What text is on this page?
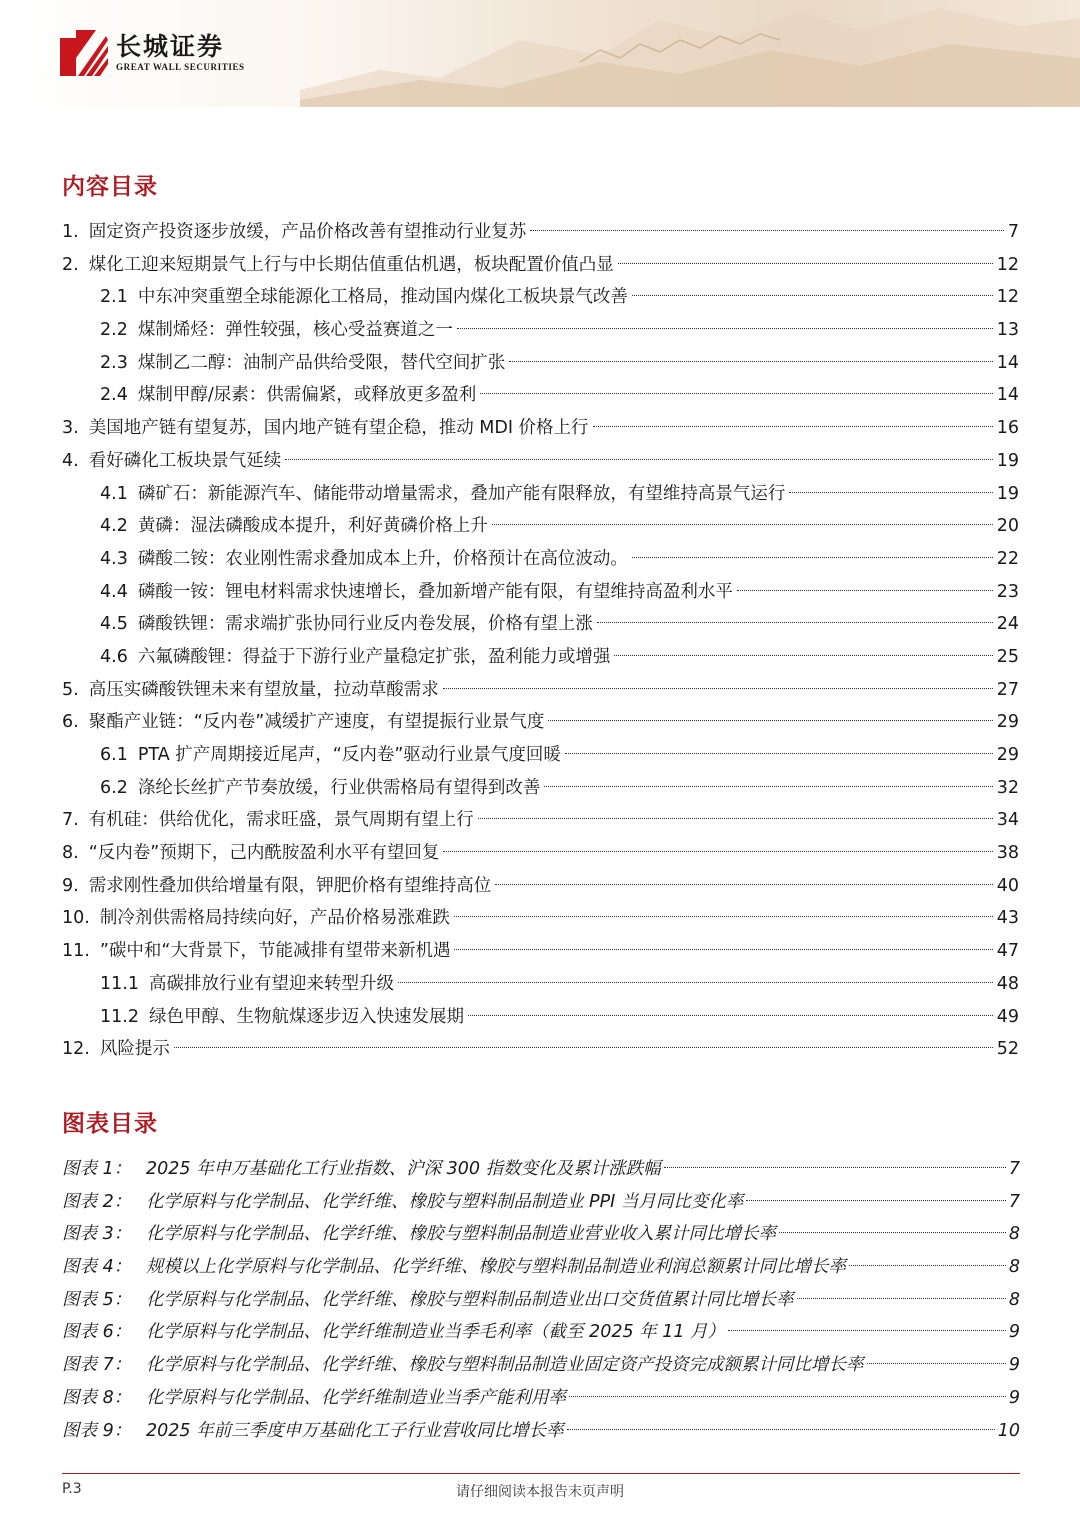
长城证券
GREAT WALL SECURITIES
内容目录
1. 固定资产投资逐步放缓，产品价格改善有望推动行业复苏	7
2. 煤化工迎来短期景气上行与中长期估值重估机遇，板块配置价值凸显	12
2.1 中东冲突重塑全球能源化工格局，推动国内煤化工板块景气改善	12
2.2 煤制烯烃：弹性较强，核心受益赛道之一	13
2.3 煤制乙二醇：油制产品供给受限，替代空间扩张	14
2.4 煤制甲醇/尿素：供需偏紧，或释放更多盈利	14
3. 美国地产链有望复苏，国内地产链有望企稳，推动 MDI 价格上行	16
4. 看好磷化工板块景气延续	19
4.1 磷矿石：新能源汽车、储能带动增量需求，叠加产能有限释放，有望维持高景气运行	19
4.2 黄磷：湿法磷酸成本提升，利好黄磷价格上升	20
4.3 磷酸二铵：农业刚性需求叠加成本上升，价格预计在高位波动。	22
4.4 磷酸一铵：锂电材料需求快速增长，叠加新增产能有限，有望维持高盈利水平	23
4.5 磷酸铁锂：需求端扩张协同行业反内卷发展，价格有望上涨	24
4.6 六氟磷酸锂：得益于下游行业产量稳定扩张，盈利能力或增强	25
5. 高压实磷酸铁锂未来有望放量，拉动草酸需求	27
6. 聚酯产业链：“反内卷”减缓扩产速度，有望提振行业景气度	29
6.1 PTA 扩产周期接近尾声，“反内卷”驱动行业景气度回暖	29
6.2 涤纶长丝扩产节奏放缓，行业供需格局有望得到改善	32
7. 有机硅：供给优化，需求旺盛，景气周期有望上行	34
8. “反内卷”预期下，己内酰胺盈利水平有望回复	38
9. 需求刚性叠加供给增量有限，钾肥价格有望维持高位	40
10. 制冷剂供需格局持续向好，产品价格易涨难跌	43
11. ”碳中和“大背景下，节能减排有望带来新机遇	47
11.1 高碳排放行业有望迎来转型升级	48
11.2 绿色甲醇、生物航煤逐步迈入快速发展期	49
12. 风险提示	52
图表目录
图表 1： 2025 年申万基础化工行业指数、沪深 300 指数变化及累计涨跌幅	7
图表 2： 化学原料与化学制品、化学纤维、橡胶与塑料制品制造业 PPI 当月同比变化率	7
图表 3： 化学原料与化学制品、化学纤维、橡胶与塑料制品制造业营业收入累计同比增长率	8
图表 4： 规模以上化学原料与化学制品、化学纤维、橡胶与塑料制品制造业利润总额累计同比增长率	8
图表 5： 化学原料与化学制品、化学纤维、橡胶与塑料制品制造业出口交货值累计同比增长率	8
图表 6： 化学原料与化学制品、化学纤维制造业当季毛利率（截至 2025 年 11 月）	9
图表 7： 化学原料与化学制品、化学纤维、橡胶与塑料制品制造业固定资产投资完成额累计同比增长率	9
图表 8： 化学原料与化学制品、化学纤维制造业当季产能利用率	9
图表 9： 2025 年前三季度申万基础化工子行业营收同比增长率	10
P.3	请仔细阅读本报告末页声明
